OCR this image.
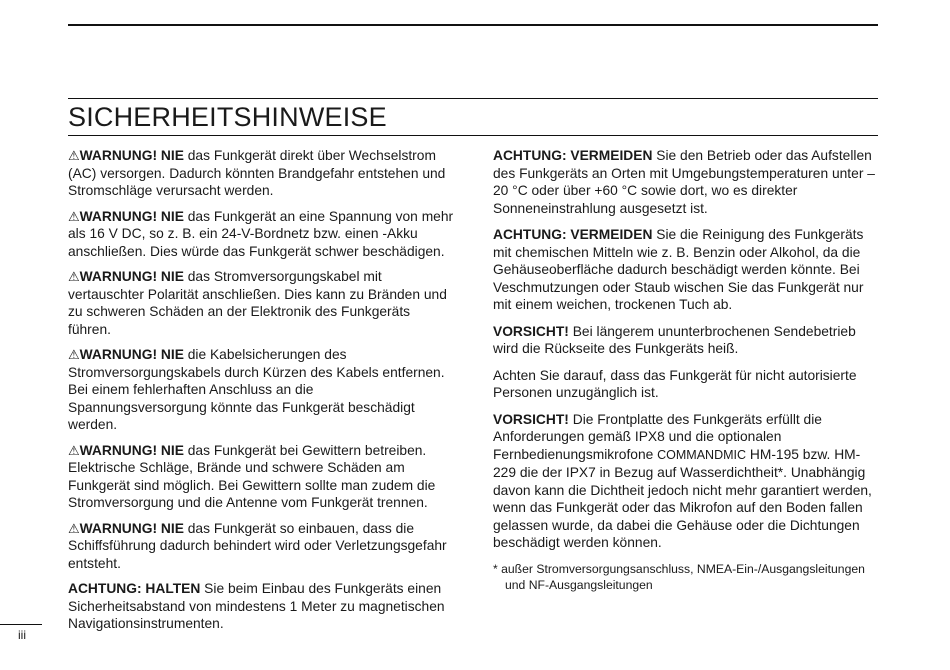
SICHERHEITSHINWEISE

⚠WARNUNG! NIE das Funkgerät direkt über Wechselstrom (AC) versorgen. Dadurch könnten Brandgefahr entstehen und Stromschläge verursacht werden.

⚠WARNUNG! NIE das Funkgerät an eine Spannung von mehr als 16 V DC, so z. B. ein 24-V-Bordnetz bzw. einen -Akku anschließen. Dies würde das Funkgerät schwer beschädigen.

⚠WARNUNG! NIE das Stromversorgungskabel mit vertauschter Polarität anschließen. Dies kann zu Bränden und zu schweren Schäden an der Elektronik des Funkgeräts führen.

⚠WARNUNG! NIE die Kabelsicherungen des Stromversorgungskabels durch Kürzen des Kabels entfernen. Bei einem fehlerhaften Anschluss an die Spannungsversorgung könnte das Funkgerät beschädigt werden.

⚠WARNUNG! NIE das Funkgerät bei Gewittern betreiben. Elektrische Schläge, Brände und schwere Schäden am Funkgerät sind möglich. Bei Gewittern sollte man zudem die Stromversorgung und die Antenne vom Funkgerät trennen.

⚠WARNUNG! NIE das Funkgerät so einbauen, dass die Schiffsführung dadurch behindert wird oder Verletzungsgefahr entsteht.

ACHTUNG: HALTEN Sie beim Einbau des Funkgeräts einen Sicherheitsabstand von mindestens 1 Meter zu magnetischen Navigationsinstrumenten.

ACHTUNG: VERMEIDEN Sie den Betrieb oder das Aufstellen des Funkgeräts an Orten mit Umgebungstemperaturen unter –20 °C oder über +60 °C sowie dort, wo es direkter Sonneneinstrahlung ausgesetzt ist.

ACHTUNG: VERMEIDEN Sie die Reinigung des Funkgeräts mit chemischen Mitteln wie z. B. Benzin oder Alkohol, da die Gehäuseoberfläche dadurch beschädigt werden könnte. Bei Veschmutzungen oder Staub wischen Sie das Funkgerät nur mit einem weichen, trockenen Tuch ab.

VORSICHT! Bei längerem ununterbrochenen Sendebetrieb wird die Rückseite des Funkgeräts heiß.

Achten Sie darauf, dass das Funkgerät für nicht autorisierte Personen unzugänglich ist.

VORSICHT! Die Frontplatte des Funkgeräts erfüllt die Anforderungen gemäß IPX8 und die optionalen Fernbedienungsmikrofone COMMANDMIC HM-195 bzw. HM-229 die der IPX7 in Bezug auf Wasserdichtheit*. Unabhängig davon kann die Dichtheit jedoch nicht mehr garantiert werden, wenn das Funkgerät oder das Mikrofon auf den Boden fallen gelassen wurde, da dabei die Gehäuse oder die Dichtungen beschädigt werden können.

* außer Stromversorgungsanschluss, NMEA-Ein-/Ausgangsleitungen und NF-Ausgangsleitungen

iii
